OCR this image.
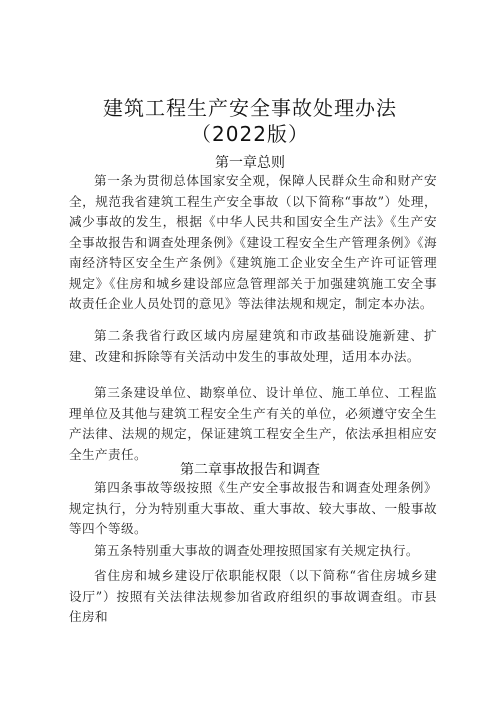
建筑工程生产安全事故处理办法
（2022版）
第一章总则

第一条为贯彻总体国家安全观，保障人民群众生命和财产安全，规范我省建筑工程生产安全事故（以下简称“事故”）处理，减少事故的发生，根据《中华人民共和国安全生产法》《生产安全事故报告和调查处理条例》《建设工程安全生产管理条例》《海南经济特区安全生产条例》《建筑施工企业安全生产许可证管理规定》《住房和城乡建设部应急管理部关于加强建筑施工安全事故责任企业人员处罚的意见》等法律法规和规定，制定本办法。

第二条我省行政区域内房屋建筑和市政基础设施新建、扩建、改建和拆除等有关活动中发生的事故处理，适用本办法。

第三条建设单位、勘察单位、设计单位、施工单位、工程监理单位及其他与建筑工程安全生产有关的单位，必须遵守安全生产法律、法规的规定，保证建筑工程安全生产，依法承担相应安全生产责任。

第二章事故报告和调查

第四条事故等级按照《生产安全事故报告和调查处理条例》规定执行，分为特别重大事故、重大事故、较大事故、一般事故等四个等级。

第五条特别重大事故的调查处理按照国家有关规定执行。

省住房和城乡建设厅依职能权限（以下简称“省住房城乡建设厅”）按照有关法律法规参加省政府组织的事故调查组。市县住房和
